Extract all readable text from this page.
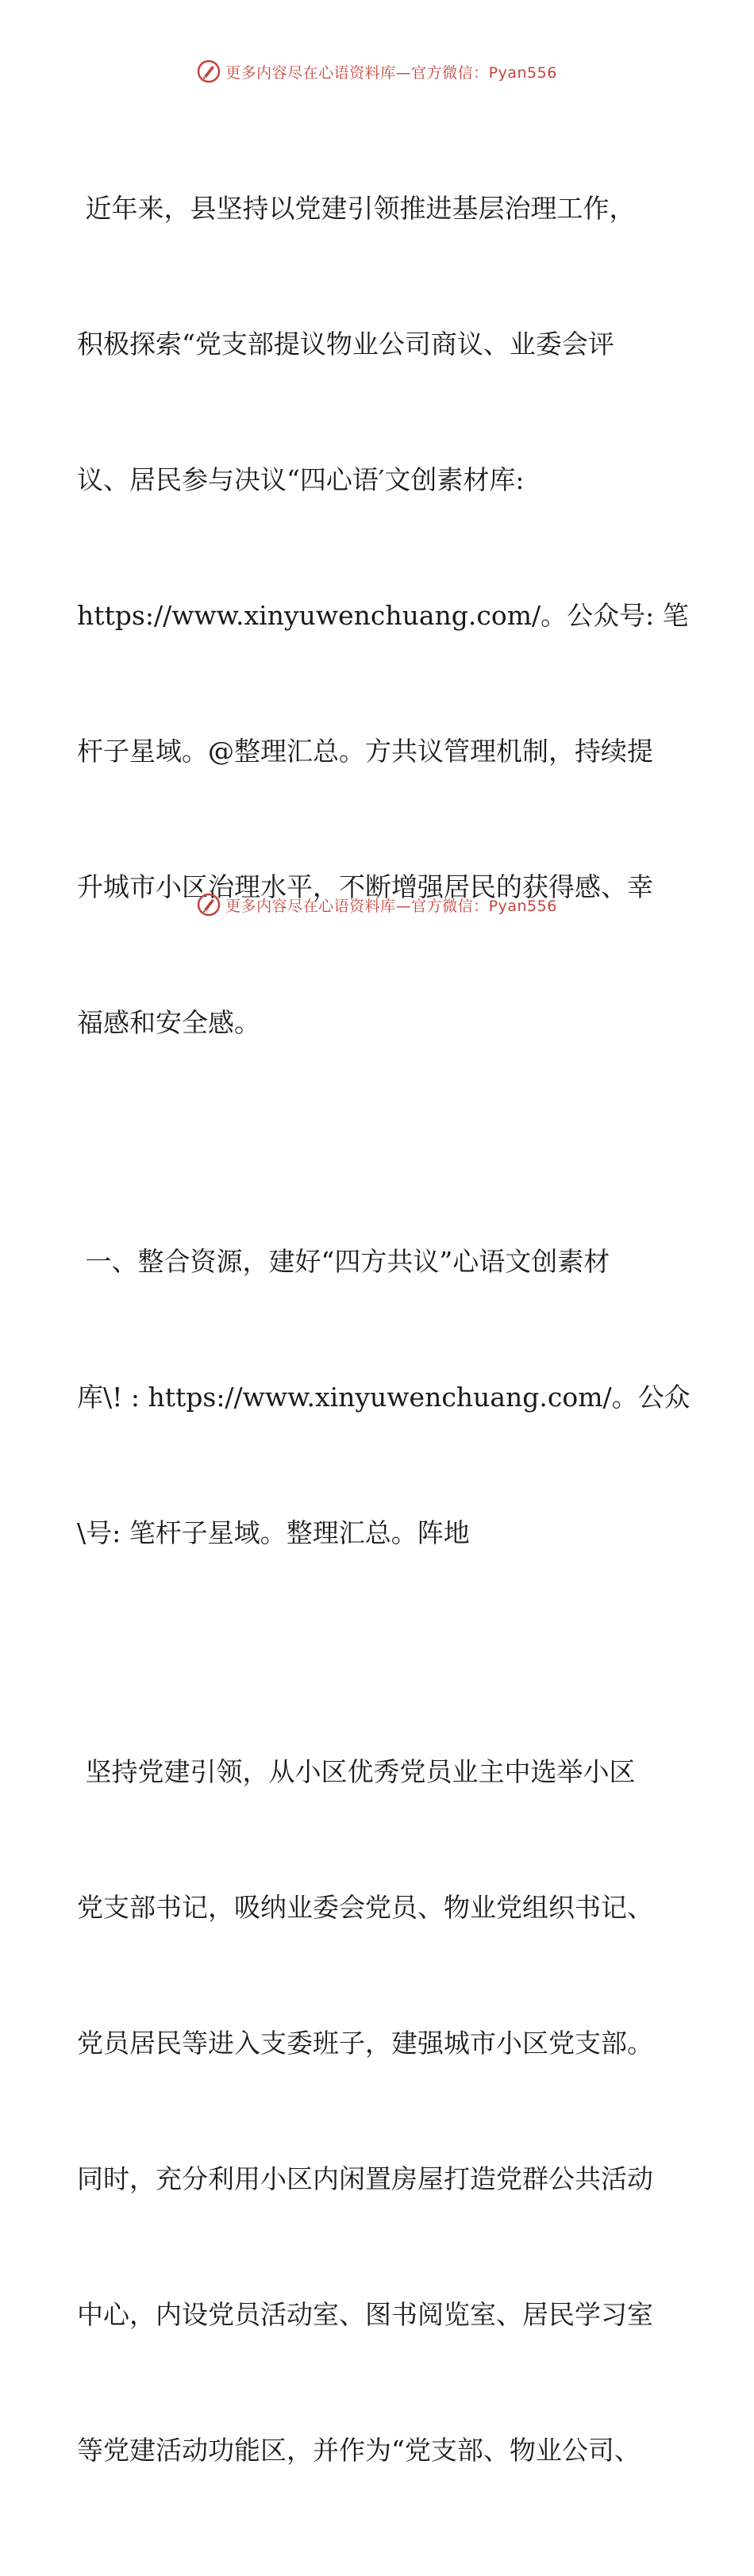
更多内容尽在心语资料库—官方微信：Pyan556

近年来，县坚持以党建引领推进基层治理工作，

积极探索“党支部提议物业公司商议、业委会评

议、居民参与决议“四心语′文创素材库:

https://www.xinyuwenchuang.com/。公众号: 笔

杆子星域。@整理汇总。方共议管理机制，持续提

升城市小区治理水平，不断增强居民的获得感、幸

福感和安全感。

一、整合资源，建好“四方共议”心语文创素材

库\! : https://www.xinyuwenchuang.com/。公众

\号: 笔杆子星域。整理汇总。阵地

坚持党建引领，从小区优秀党员业主中选举小区

党支部书记，吸纳业委会党员、物业党组织书记、

党员居民等进入支委班子，建强城市小区党支部。

同时，充分利用小区内闲置房屋打造党群公共活动

中心，内设党员活动室、图书阅览室、居民学习室

等党建活动功能区，并作为“党支部、物业公司、

更多内容尽在心语资料库—官方微信：Pyan556
